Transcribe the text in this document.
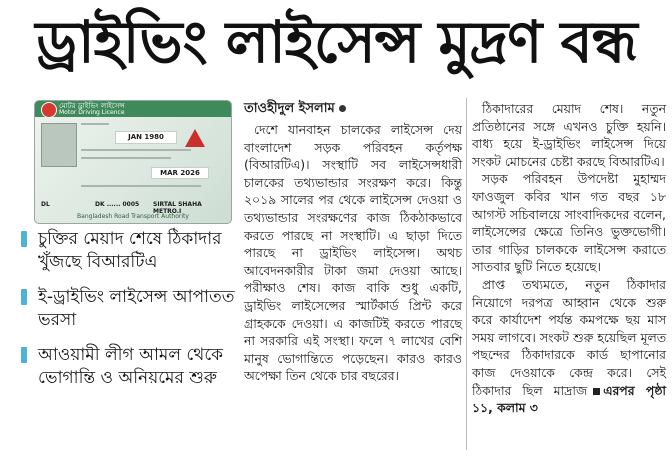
ড্রাইভিং লাইসেন্স মুদ্রণ বন্ধ
মোটর ড্রাইভিং লাইসেন্স
Motor Driving Licence
JAN 1980
MAR 2026
DL	DK ...... 0005 SIRTAL SHAHA METRO.I
Bangladesh Road Transport Authority
চুক্তির মেয়াদ শেষে ঠিকাদার খুঁজছে বিআরটিএ
ই-ড্রাইভিং লাইসেন্স আপাতত ভরসা
আওয়ামী লীগ আমল থেকে ভোগান্তি ও অনিয়মের শুরু
তাওহীদুল ইসলাম

দেশে যানবাহন চালকের লাইসেন্স দেয় বাংলাদেশ সড়ক পরিবহন কর্তৃপক্ষ (বিআরটিএ)। সংস্থাটি সব লাইসেন্সধারী চালকের তথ্যভান্ডার সংরক্ষণ করে। কিন্তু ২০১৯ সালের পর থেকে লাইসেন্স দেওয়া ও তথ্যভান্ডার সংরক্ষণের কাজ ঠিকঠাকভাবে করতে পারছে না সংস্থাটি। এ ছাড়া দিতে পারছে না ড্রাইভিং লাইসেন্স। অথচ আবেদনকারীর টাকা জমা দেওয়া আছে। পরীক্ষাও শেষ। কাজ বাকি শুধু একটি, ড্রাইভিং লাইসেন্সের স্মার্টকার্ড প্রিন্ট করে গ্রাহককে দেওয়া। এ কাজটিই করতে পারছে না সরকারি এই সংস্থা। ফলে ৭ লাখের বেশি মানুষ ভোগান্তিতে পড়েছেন। কারও কারও অপেক্ষা তিন থেকে চার বছরের।

ঠিকাদারের মেয়াদ শেষ। নতুন প্রতিষ্ঠানের সঙ্গে এখনও চুক্তি হয়নি। বাধ্য হয়ে ই-ড্রাইভিং লাইসেন্স দিয়ে সংকট মোচনের চেষ্টা করছে বিআরটিএ।

সড়ক পরিবহন উপদেষ্টা মুহাম্মদ ফাওজুল কবির খান গত বছর ১৮ আগস্ট সচিবালয়ে সাংবাদিকদের বলেন, লাইসেন্সের ক্ষেত্রে তিনিও ভুক্তভোগী। তার গাড়ির চালককে লাইসেন্স করাতে সাতবার ছুটি নিতে হয়েছে।

প্রাপ্ত তথ্যমতে, নতুন ঠিকাদার নিয়োগে দরপত্র আহ্বান থেকে শুরু করে কার্যাদেশ পর্যন্ত কমপক্ষে ছয় মাস সময় লাগবে। সংকট শুরু হয়েছিল মূলত পছন্দের ঠিকাদারকে কার্ড ছাপানোর কাজ দেওয়াকে কেন্দ্র করে। সেই ঠিকাদার ছিল মাদ্রাজ এরপর পৃষ্ঠা ১১, কলাম ৩
